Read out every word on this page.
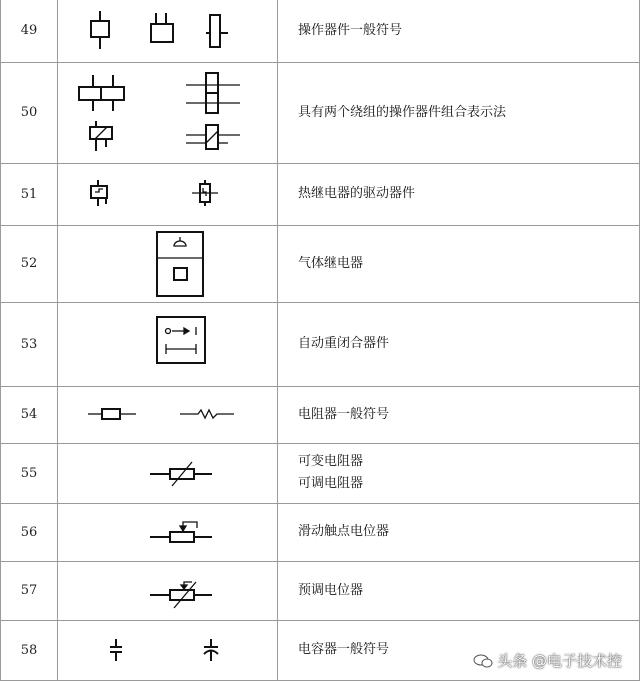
49		操作器件一般符号

50		具有两个绕组的操作器件组合表示法

51		热继电器的驱动器件

52		气体继电器

53		自动重闭合器件

54		电阻器一般符号

55		可变电阻器
可调电阻器

56		滑动触点电位器

57		预调电位器

58		电容器一般符号
头条 @电子技术控
